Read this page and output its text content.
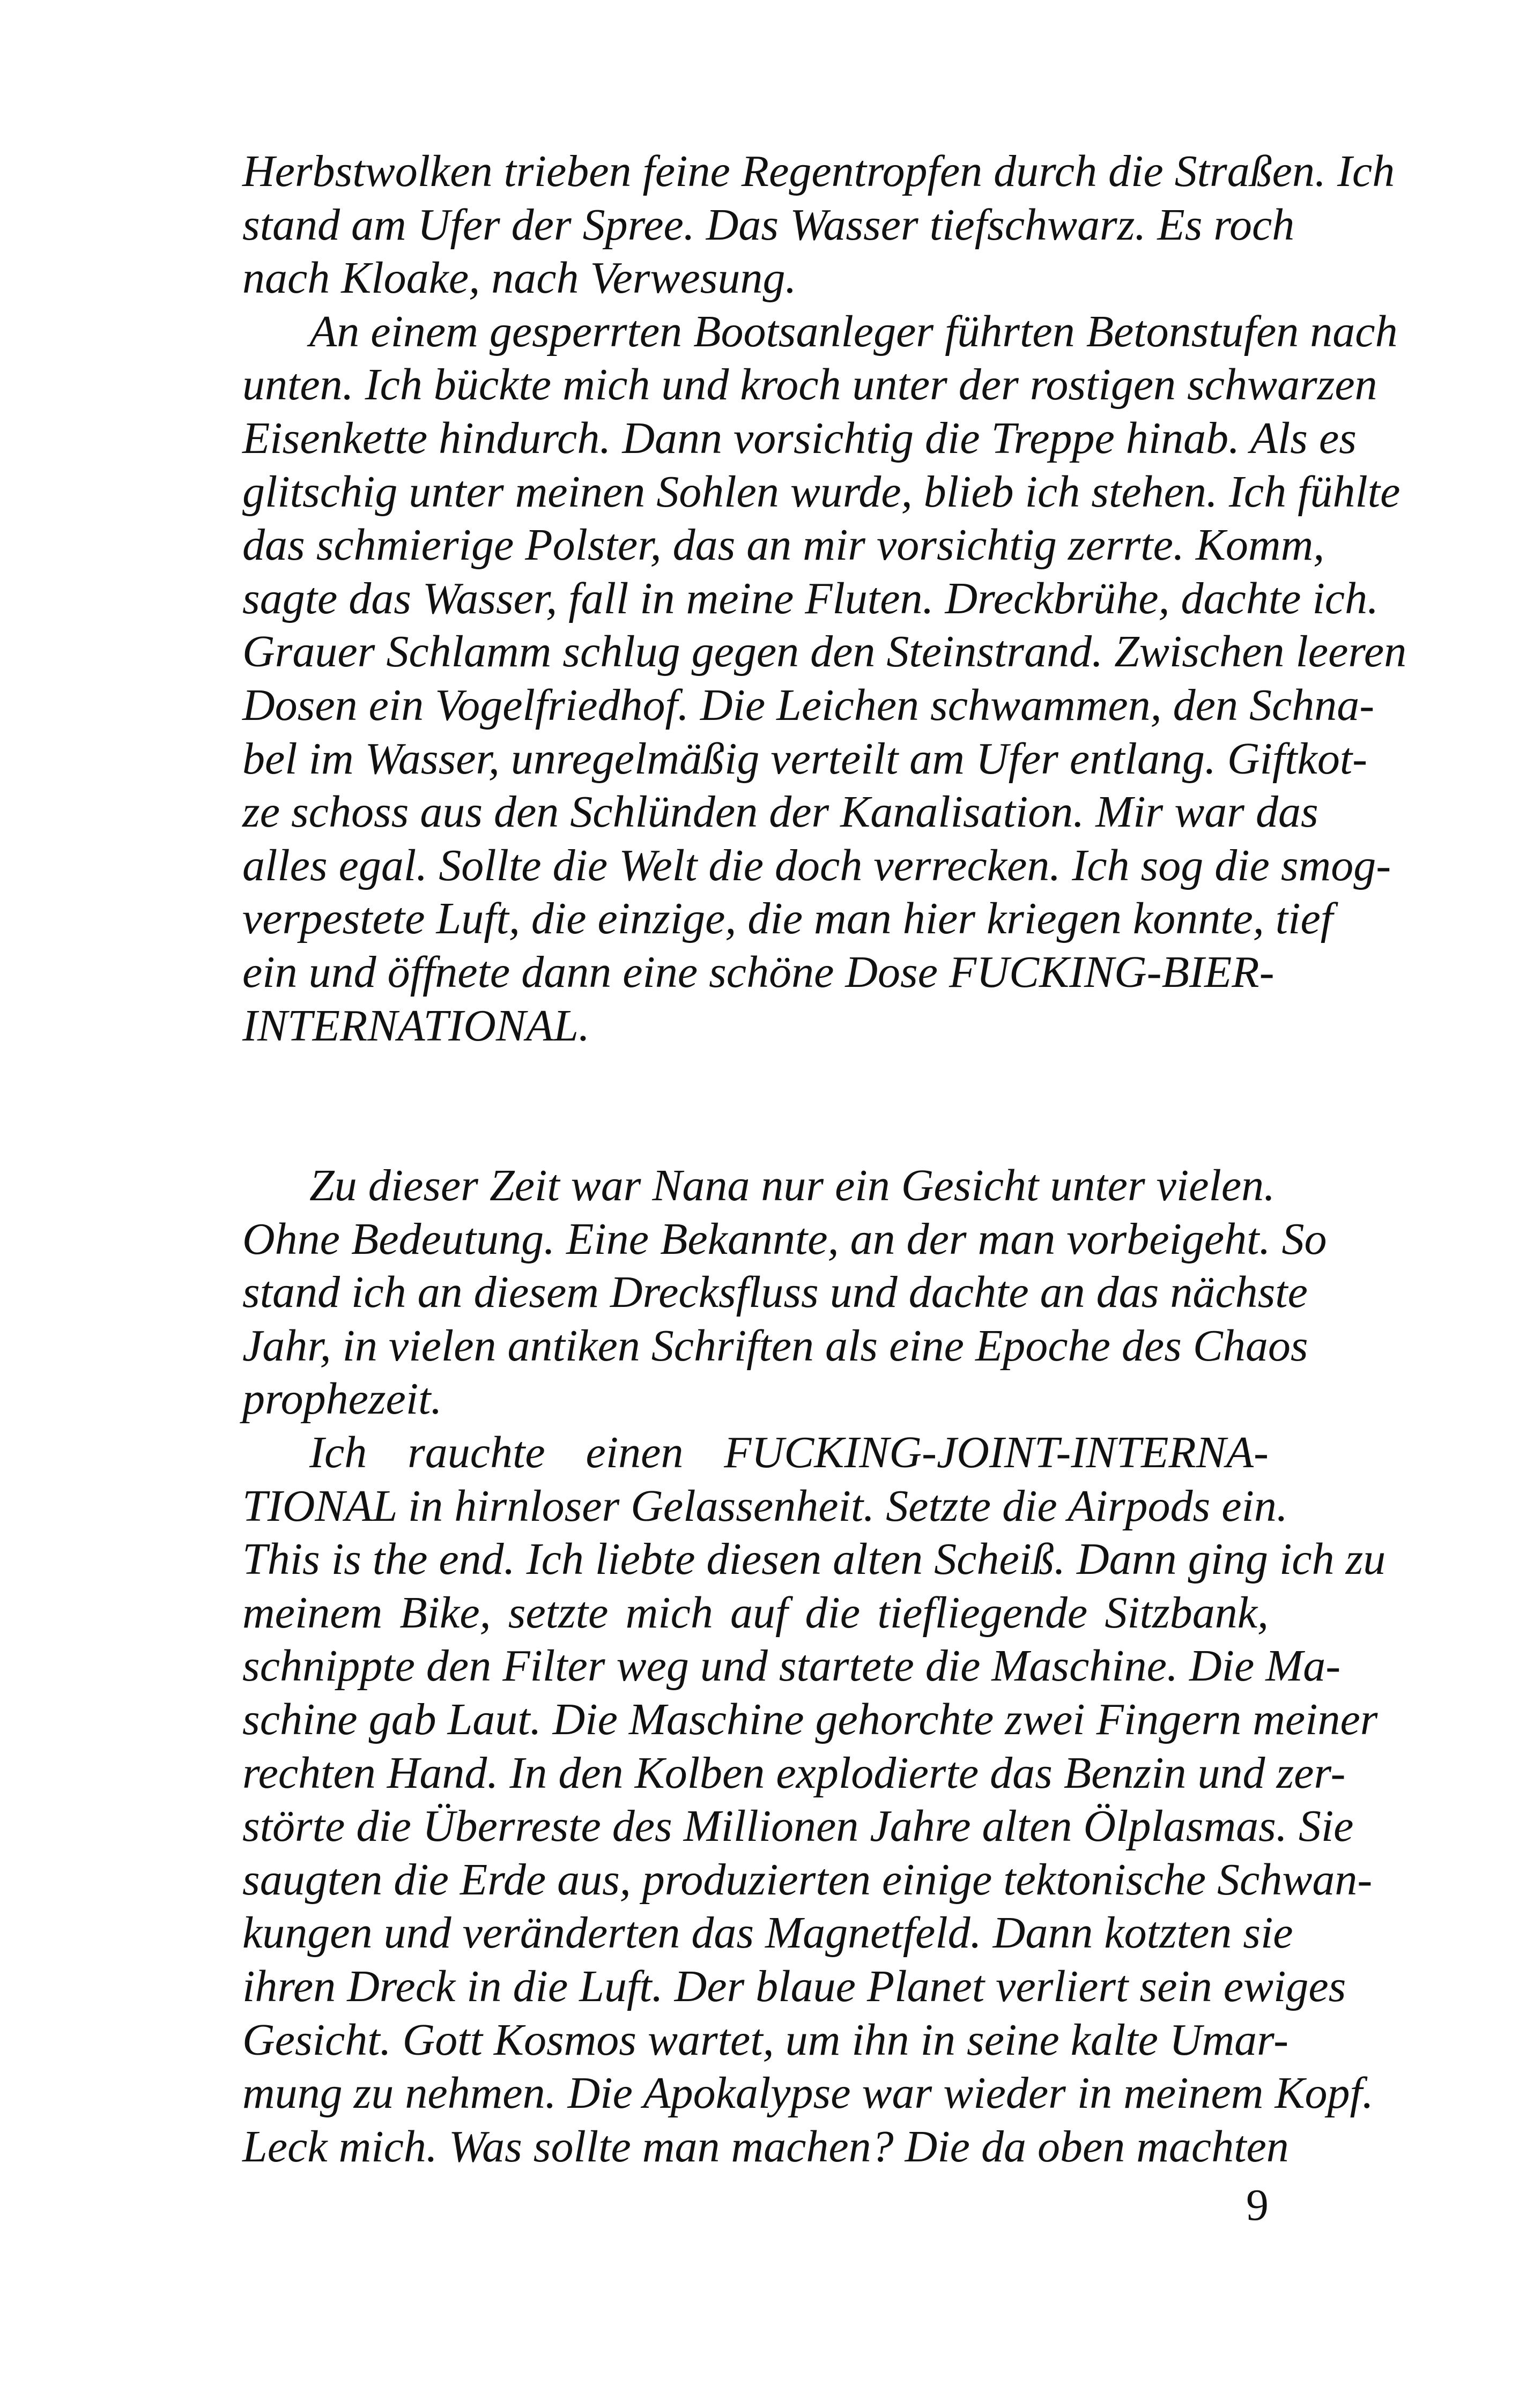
Herbstwolken trieben feine Regentropfen durch die Straßen. Ich
stand am Ufer der Spree. Das Wasser tiefschwarz. Es roch
nach Kloake, nach Verwesung.
An einem gesperrten Bootsanleger führten Betonstufen nach
unten. Ich bückte mich und kroch unter der rostigen schwarzen
Eisenkette hindurch. Dann vorsichtig die Treppe hinab. Als es
glitschig unter meinen Sohlen wurde, blieb ich stehen. Ich fühlte
das schmierige Polster, das an mir vorsichtig zerrte. Komm,
sagte das Wasser, fall in meine Fluten. Dreckbrühe, dachte ich.
Grauer Schlamm schlug gegen den Steinstrand. Zwischen leeren
Dosen ein Vogelfriedhof. Die Leichen schwammen, den Schna-
bel im Wasser, unregelmäßig verteilt am Ufer entlang. Giftkot-
ze schoss aus den Schlünden der Kanalisation. Mir war das
alles egal. Sollte die Welt die doch verrecken. Ich sog die smog-
verpestete Luft, die einzige, die man hier kriegen konnte, tief
ein und öffnete dann eine schöne Dose FUCKING-BIER-
INTERNATIONAL.
Zu dieser Zeit war Nana nur ein Gesicht unter vielen.
Ohne Bedeutung. Eine Bekannte, an der man vorbeigeht. So
stand ich an diesem Drecksfluss und dachte an das nächste
Jahr, in vielen antiken Schriften als eine Epoche des Chaos
prophezeit.
Ich rauchte einen FUCKING-JOINT-INTERNA-
TIONAL in hirnloser Gelassenheit. Setzte die Airpods ein.
This is the end. Ich liebte diesen alten Scheiß. Dann ging ich zu
meinem Bike, setzte mich auf die tiefliegende Sitzbank,
schnippte den Filter weg und startete die Maschine. Die Ma-
schine gab Laut. Die Maschine gehorchte zwei Fingern meiner
rechten Hand. In den Kolben explodierte das Benzin und zer-
störte die Überreste des Millionen Jahre alten Ölplasmas. Sie
saugten die Erde aus, produzierten einige tektonische Schwan-
kungen und veränderten das Magnetfeld. Dann kotzten sie
ihren Dreck in die Luft. Der blaue Planet verliert sein ewiges
Gesicht. Gott Kosmos wartet, um ihn in seine kalte Umar-
mung zu nehmen. Die Apokalypse war wieder in meinem Kopf.
Leck mich. Was sollte man machen? Die da oben machten
9
